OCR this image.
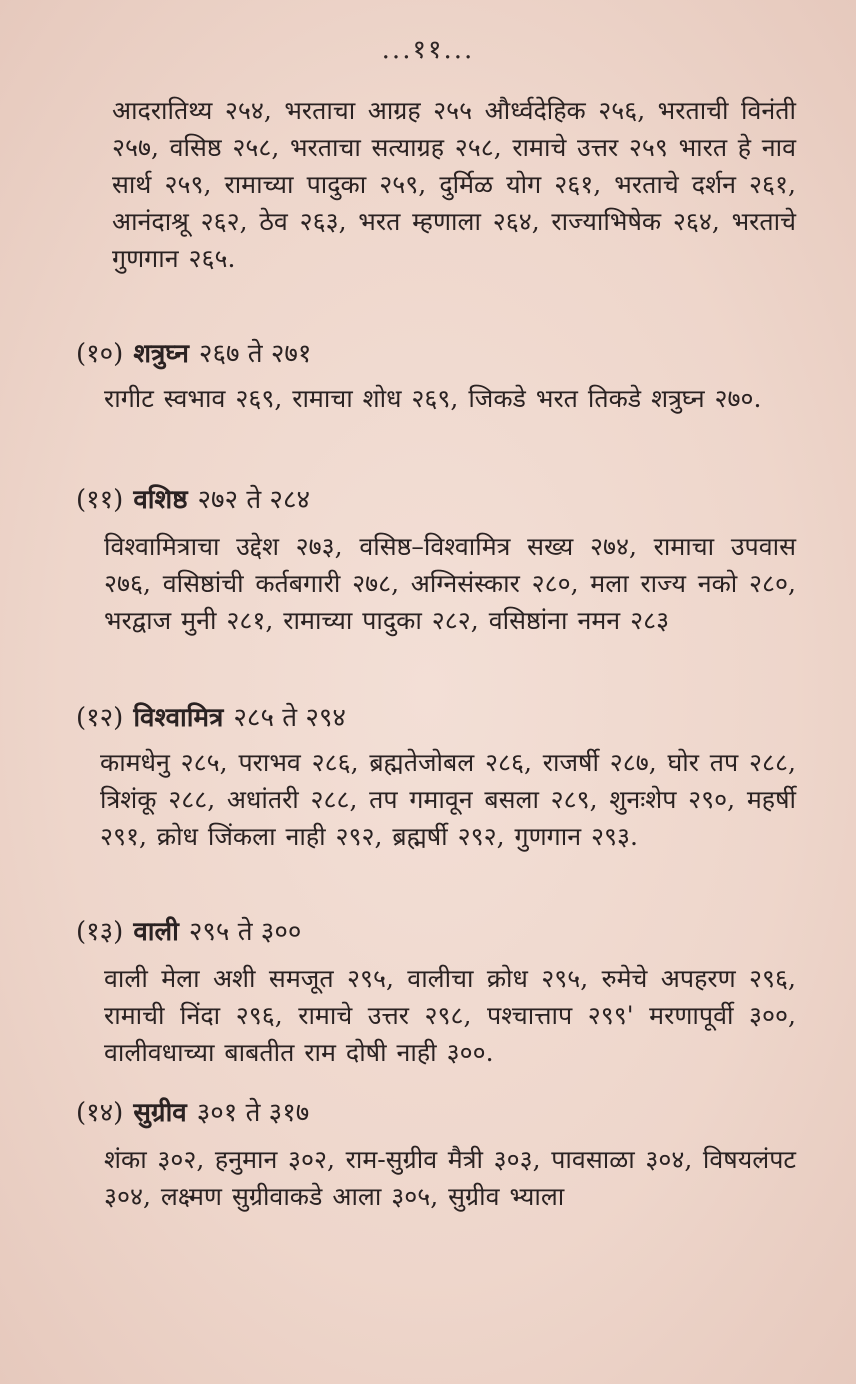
...११...

आदरातिथ्य २५४, भरताचा आग्रह २५५ और्ध्वदेहिक २५६, भरताची विनंती २५७, वसिष्ठ २५८, भरताचा सत्याग्रह २५८, रामाचे उत्तर २५९ भारत हे नाव सार्थ २५९, रामाच्या पादुका २५९, दुर्मिळ योग २६१, भरताचे दर्शन २६१, आनंदाश्रू २६२, ठेव २६३, भरत म्हणाला २६४, राज्याभिषेक २६४, भरताचे गुणगान २६५.

(१०) शत्रुघ्न २६७ ते २७१

रागीट स्वभाव २६९, रामाचा शोध २६९, जिकडे भरत तिकडे शत्रुघ्न २७०.

(११) वशिष्ठ २७२ ते २८४

विश्वामित्राचा उद्देश २७३, वसिष्ठ–विश्वामित्र सख्य २७४, रामाचा उपवास २७६, वसिष्ठांची कर्तबगारी २७८, अग्निसंस्कार २८०, मला राज्य नको २८०, भरद्वाज मुनी २८१, रामाच्या पादुका २८२, वसिष्ठांना नमन २८३

(१२) विश्वामित्र २८५ ते २९४

कामधेनु २८५, पराभव २८६, ब्रह्मतेजोबल २८६, राजर्षी २८७, घोर तप २८८, त्रिशंकू २८८, अधांतरी २८८, तप गमावून बसला २८९, शुनःशेप २९०, महर्षी २९१, क्रोध जिंकला नाही २९२, ब्रह्मर्षी २९२, गुणगान २९३.

(१३) वाली २९५ ते ३००

वाली मेला अशी समजूत २९५, वालीचा क्रोध २९५, रुमेचे अपहरण २९६, रामाची निंदा २९६, रामाचे उत्तर २९८, पश्चात्ताप २९९' मरणापूर्वी ३००, वालीवधाच्या बाबतीत राम दोषी नाही ३००.

(१४) सुग्रीव ३०१ ते ३१७

शंका ३०२, हनुमान ३०२, राम-सुग्रीव मैत्री ३०३, पावसाळा ३०४, विषयलंपट ३०४, लक्ष्मण सुग्रीवाकडे आला ३०५, सुग्रीव भ्याला
